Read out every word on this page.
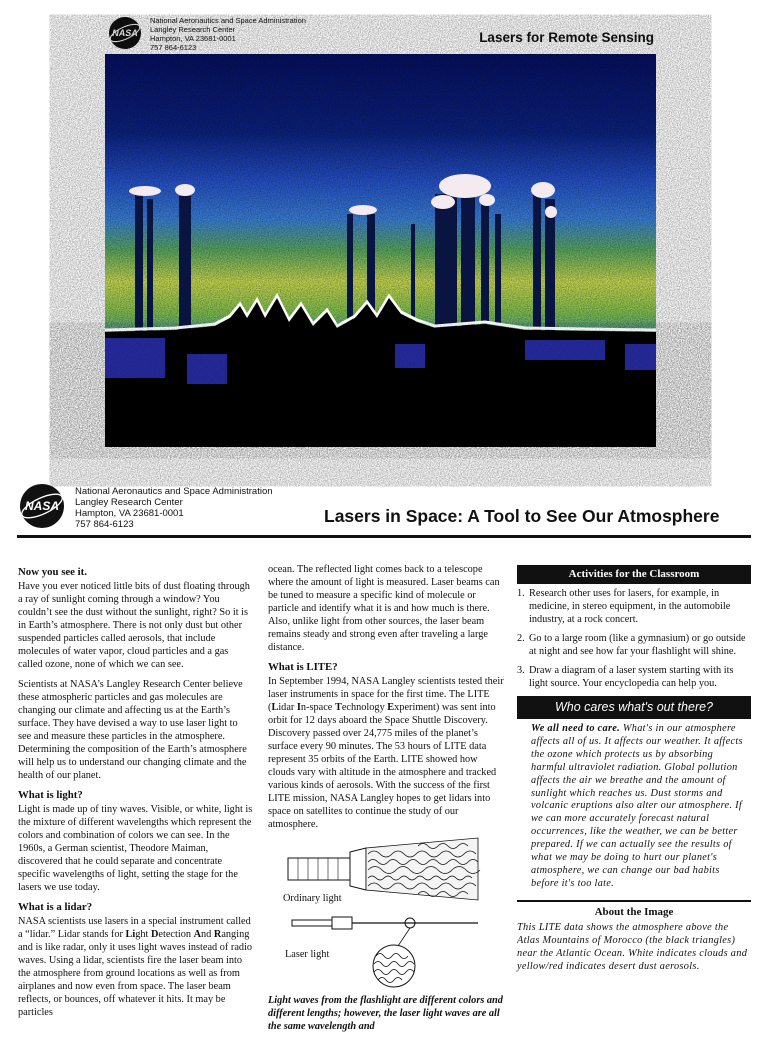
NASA
National Aeronautics and Space Administration
Langley Research Center
Hampton, VA 23681-0001
757 864-6123
Lasers for Remote Sensing
NASA
National Aeronautics and Space Administration
Langley Research Center
Hampton, VA 23681-0001
757 864-6123	Lasers in Space: A Tool to See Our Atmosphere
Now you see it.

Have you ever noticed little bits of dust floating through a ray of sunlight coming through a window? You couldn’t see the dust without the sunlight, right? So it is in Earth’s atmosphere. There is not only dust but other suspended particles called aerosols, that include molecules of water vapor, cloud particles and a gas called ozone, none of which we can see.

Scientists at NASA’s Langley Research Center believe these atmospheric particles and gas molecules are changing our climate and affecting us at the Earth’s surface. They have devised a way to use laser light to see and measure these particles in the atmosphere. Determining the composition of the Earth’s atmosphere will help us to understand our changing climate and the health of our planet.

What is light?

Light is made up of tiny waves. Visible, or white, light is the mixture of different wavelengths which represent the colors and combination of colors we can see. In the 1960s, a German scientist, Theodore Maiman, discovered that he could separate and concentrate specific wavelengths of light, setting the stage for the lasers we use today.

What is a lidar?

NASA scientists use lasers in a special instrument called a “lidar.” Lidar stands for Light Detection And Ranging and is like radar, only it uses light waves instead of radio waves. Using a lidar, scientists fire the laser beam into the atmosphere from ground locations as well as from airplanes and now even from space. The laser beam reflects, or bounces, off whatever it hits. It may be particles

ocean. The reflected light comes back to a telescope where the amount of light is measured. Laser beams can be tuned to measure a specific kind of molecule or particle and identify what it is and how much is there. Also, unlike light from other sources, the laser beam remains steady and strong even after traveling a large distance.

What is LITE?

In September 1994, NASA Langley scientists tested their laser instruments in space for the first time. The LITE (Lidar In-space Technology Experiment) was sent into orbit for 12 days aboard the Space Shuttle Discovery. Discovery passed over 24,775 miles of the planet’s surface every 90 minutes. The 53 hours of LITE data represent 35 orbits of the Earth. LITE showed how clouds vary with altitude in the atmosphere and tracked various kinds of aerosols. With the success of the first LITE mission, NASA Langley hopes to get lidars into space on satellites to continue the study of our atmosphere.

Ordinary light
Laser light

Light waves from the flashlight are different colors and different lengths; however, the laser light waves are all the same wavelength and

Activities for the Classroom
1. Research other uses for lasers, for example, in medicine, in stereo equipment, in the automobile industry, at a rock concert.
2. Go to a large room (like a gymnasium) or go outside at night and see how far your flashlight will shine.
3. Draw a diagram of a laser system starting with its light source. Your encyclopedia can help you.
Who cares what's out there?

We all need to care. What's in our atmosphere affects all of us. It affects our weather. It affects the ozone which protects us by absorbing harmful ultraviolet radiation. Global pollution affects the air we breathe and the amount of sunlight which reaches us. Dust storms and volcanic eruptions also alter our atmosphere. If we can more accurately forecast natural occurrences, like the weather, we can be better prepared. If we can actually see the results of what we may be doing to hurt our planet's atmosphere, we can change our bad habits before it's too late.

About the Image

This LITE data shows the atmosphere above the Atlas Mountains of Morocco (the black triangles) near the Atlantic Ocean. White indicates clouds and yellow/red indicates desert dust aerosols.
